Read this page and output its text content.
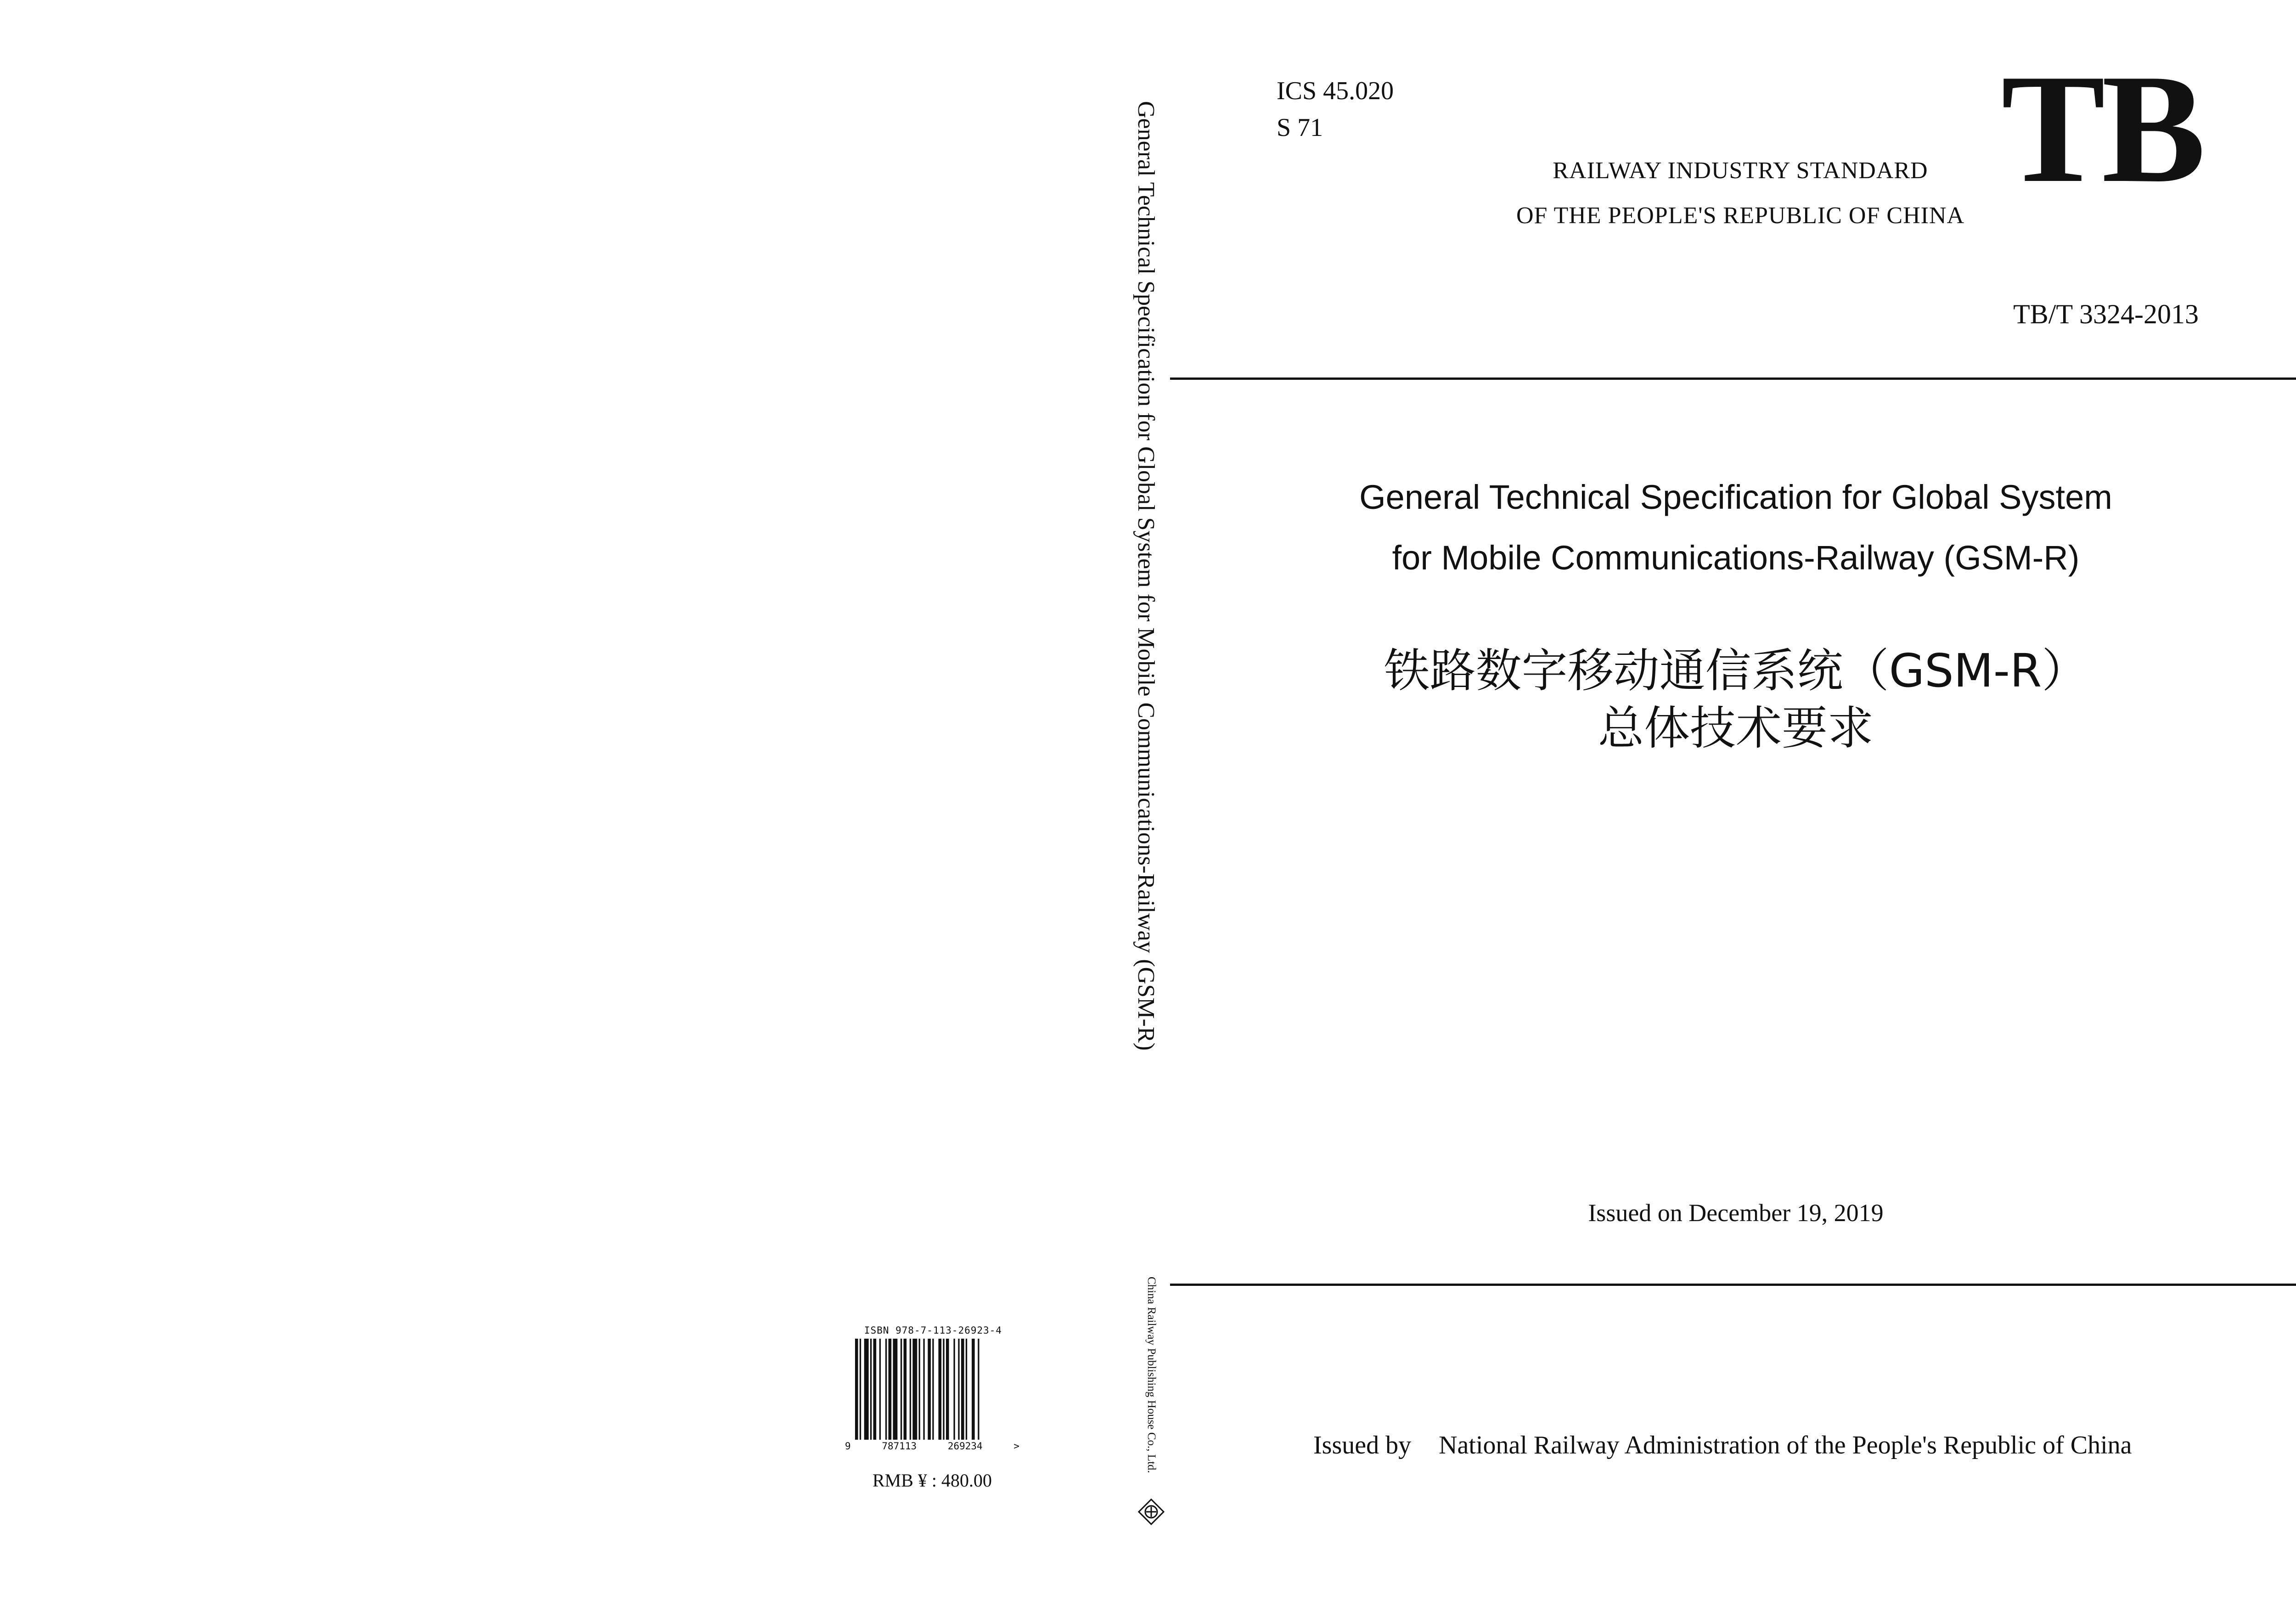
ISBN 978-7-113-26923-4
9	787113	269234	>
RMB ¥ : 480.00
General Technical Specification for Global System for Mobile Communications-Railway (GSM-R)
China Railway Publishing House Co., Ltd.
ICS 45.020
S 71	TB
RAILWAY INDUSTRY STANDARD
OF THE PEOPLE'S REPUBLIC OF CHINA
TB/T 3324-2013
General Technical Specification for Global System
for Mobile Communications-Railway (GSM-R)
铁路数字移动通信系统（GSM-R）
总体技术要求
Issued on December 19, 2019
Issued by National Railway Administration of the People's Republic of China
